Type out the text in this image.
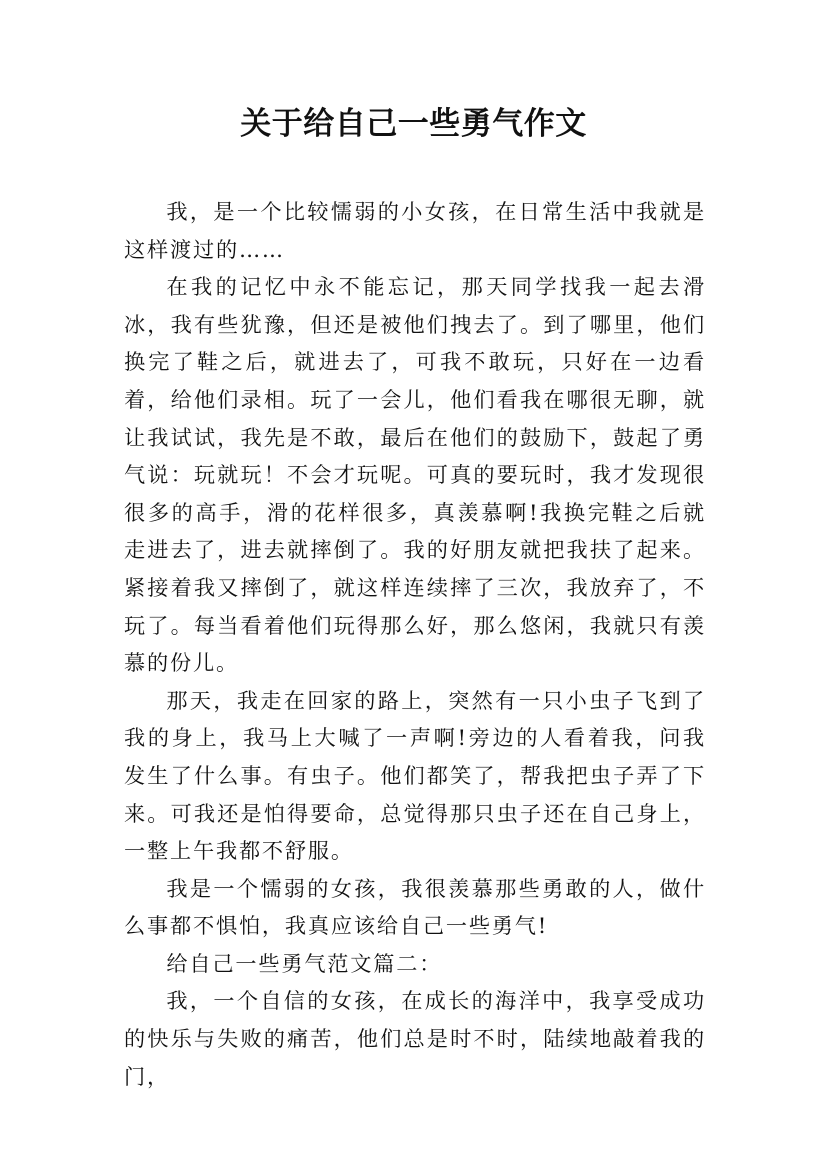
关于给自己一些勇气作文

我，是一个比较懦弱的小女孩，在日常生活中我就是这样渡过的……

在我的记忆中永不能忘记，那天同学找我一起去滑冰，我有些犹豫，但还是被他们拽去了。到了哪里，他们换完了鞋之后，就进去了，可我不敢玩，只好在一边看着，给他们录相。玩了一会儿，他们看我在哪很无聊，就让我试试，我先是不敢，最后在他们的鼓励下，鼓起了勇气说：玩就玩！不会才玩呢。可真的要玩时，我才发现很很多的高手，滑的花样很多，真羡慕啊!我换完鞋之后就走进去了，进去就摔倒了。我的好朋友就把我扶了起来。紧接着我又摔倒了，就这样连续摔了三次，我放弃了，不玩了。每当看着他们玩得那么好，那么悠闲，我就只有羡慕的份儿。

那天，我走在回家的路上，突然有一只小虫子飞到了我的身上，我马上大喊了一声啊!旁边的人看着我，问我发生了什么事。有虫子。他们都笑了，帮我把虫子弄了下来。可我还是怕得要命，总觉得那只虫子还在自己身上，一整上午我都不舒服。

我是一个懦弱的女孩，我很羡慕那些勇敢的人，做什么事都不惧怕，我真应该给自己一些勇气!

给自己一些勇气范文篇二：

我，一个自信的女孩，在成长的海洋中，我享受成功的快乐与失败的痛苦，他们总是时不时，陆续地敲着我的门，
